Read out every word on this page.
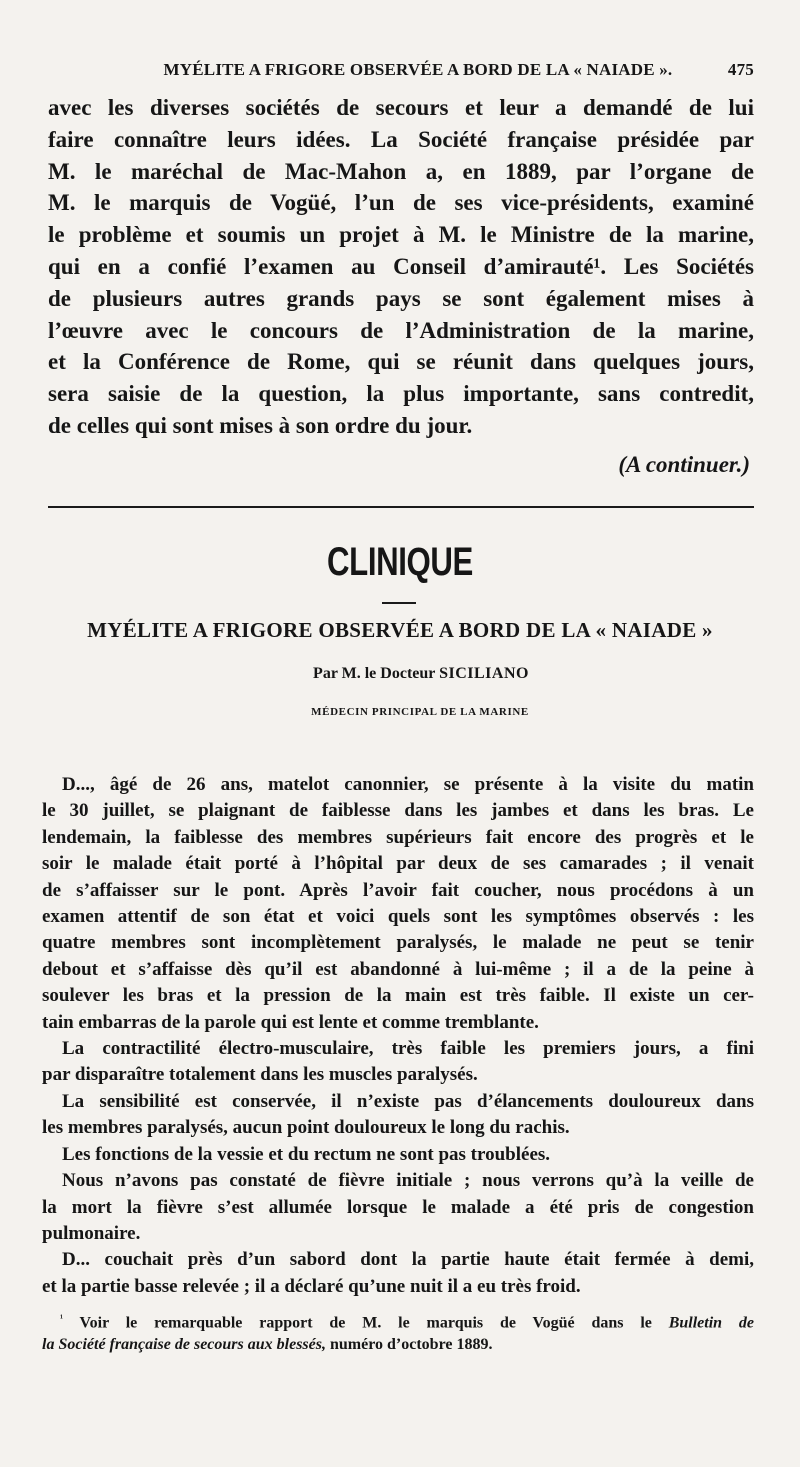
MYÉLITE A FRIGORE OBSERVÉE A BORD DE LA « NAIADE ».	475
avec les diverses sociétés de secours et leur a demandé de lui
faire connaître leurs idées. La Société française présidée par
M. le maréchal de Mac-Mahon a, en 1889, par l’organe de
M. le marquis de Vogüé, l’un de ses vice-présidents, examiné
le problème et soumis un projet à M. le Ministre de la marine,
qui en a confié l’examen au Conseil d’amirauté¹. Les Sociétés
de plusieurs autres grands pays se sont également mises à
l’œuvre avec le concours de l’Administration de la marine,
et la Conférence de Rome, qui se réunit dans quelques jours,
sera saisie de la question, la plus importante, sans contredit,
de celles qui sont mises à son ordre du jour.
(A continuer.)
CLINIQUE
MYÉLITE A FRIGORE OBSERVÉE A BORD DE LA « NAIADE »
Par M. le Docteur SICILIANO
MÉDECIN PRINCIPAL DE LA MARINE
D..., âgé de 26 ans, matelot canonnier, se présente à la visite du matin
le 30 juillet, se plaignant de faiblesse dans les jambes et dans les bras. Le
lendemain, la faiblesse des membres supérieurs fait encore des progrès et le
soir le malade était porté à l’hôpital par deux de ses camarades ; il venait
de s’affaisser sur le pont. Après l’avoir fait coucher, nous procédons à un
examen attentif de son état et voici quels sont les symptômes observés : les
quatre membres sont incomplètement paralysés, le malade ne peut se tenir
debout et s’affaisse dès qu’il est abandonné à lui-même ; il a de la peine à
soulever les bras et la pression de la main est très faible. Il existe un cer-
tain embarras de la parole qui est lente et comme tremblante.
La contractilité électro-musculaire, très faible les premiers jours, a fini
par disparaître totalement dans les muscles paralysés.
La sensibilité est conservée, il n’existe pas d’élancements douloureux dans
les membres paralysés, aucun point douloureux le long du rachis.
Les fonctions de la vessie et du rectum ne sont pas troublées.
Nous n’avons pas constaté de fièvre initiale ; nous verrons qu’à la veille de
la mort la fièvre s’est allumée lorsque le malade a été pris de congestion
pulmonaire.
D... couchait près d’un sabord dont la partie haute était fermée à demi,
et la partie basse relevée ; il a déclaré qu’une nuit il a eu très froid.
$^{^1}$ Voir le remarquable rapport de M. le marquis de Vogüé dans le Bulletin de
la Société française de secours aux blessés, numéro d’octobre 1889.
